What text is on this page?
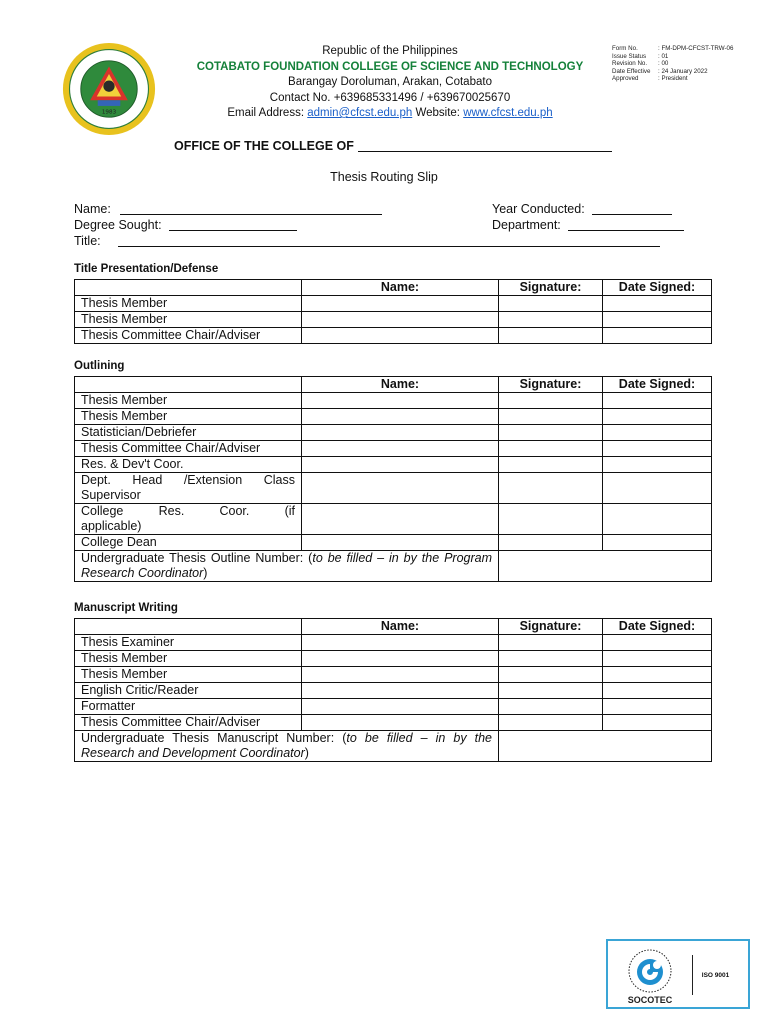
1983
Republic of the Philippines
COTABATO FOUNDATION COLLEGE OF SCIENCE AND TECHNOLOGY
Barangay Doroluman, Arakan, Cotabato
Contact No. +639685331496 / +639670025670
Email Address: admin@cfcst.edu.ph Website: www.cfcst.edu.ph
Form No.	: FM-DPM-CFCST-TRW-06
Issue Status	: 01
Revision No.	: 00
Date Effective	: 24 January 2022
Approved	: President
OFFICE OF THE COLLEGE OF
Thesis Routing Slip
Name:	Year Conducted:
Degree Sought:	Department:
Title:
Title Presentation/Defense
	Name:	Signature:	Date Signed:
Thesis Member			
Thesis Member			
Thesis Committee Chair/Adviser			
Outlining
	Name:	Signature:	Date Signed:
Thesis Member			
Thesis Member			
Statistician/Debriefer			
Thesis Committee Chair/Adviser			
Res. & Dev't Coor.			

Dept. Head /Extension Class
Supervisor			

College Res. Coor. (if
applicable)			

College Dean			
Undergraduate Thesis Outline Number: (to be filled – in by the Program Research Coordinator)			
Manuscript Writing
	Name:	Signature:	Date Signed:
Thesis Examiner			
Thesis Member			
Thesis Member			
English Critic/Reader			
Formatter			
Thesis Committee Chair/Adviser			
Undergraduate Thesis Manuscript Number: (to be filled – in by the Research and Development Coordinator)			
SOCOTEC
ISO 9001
